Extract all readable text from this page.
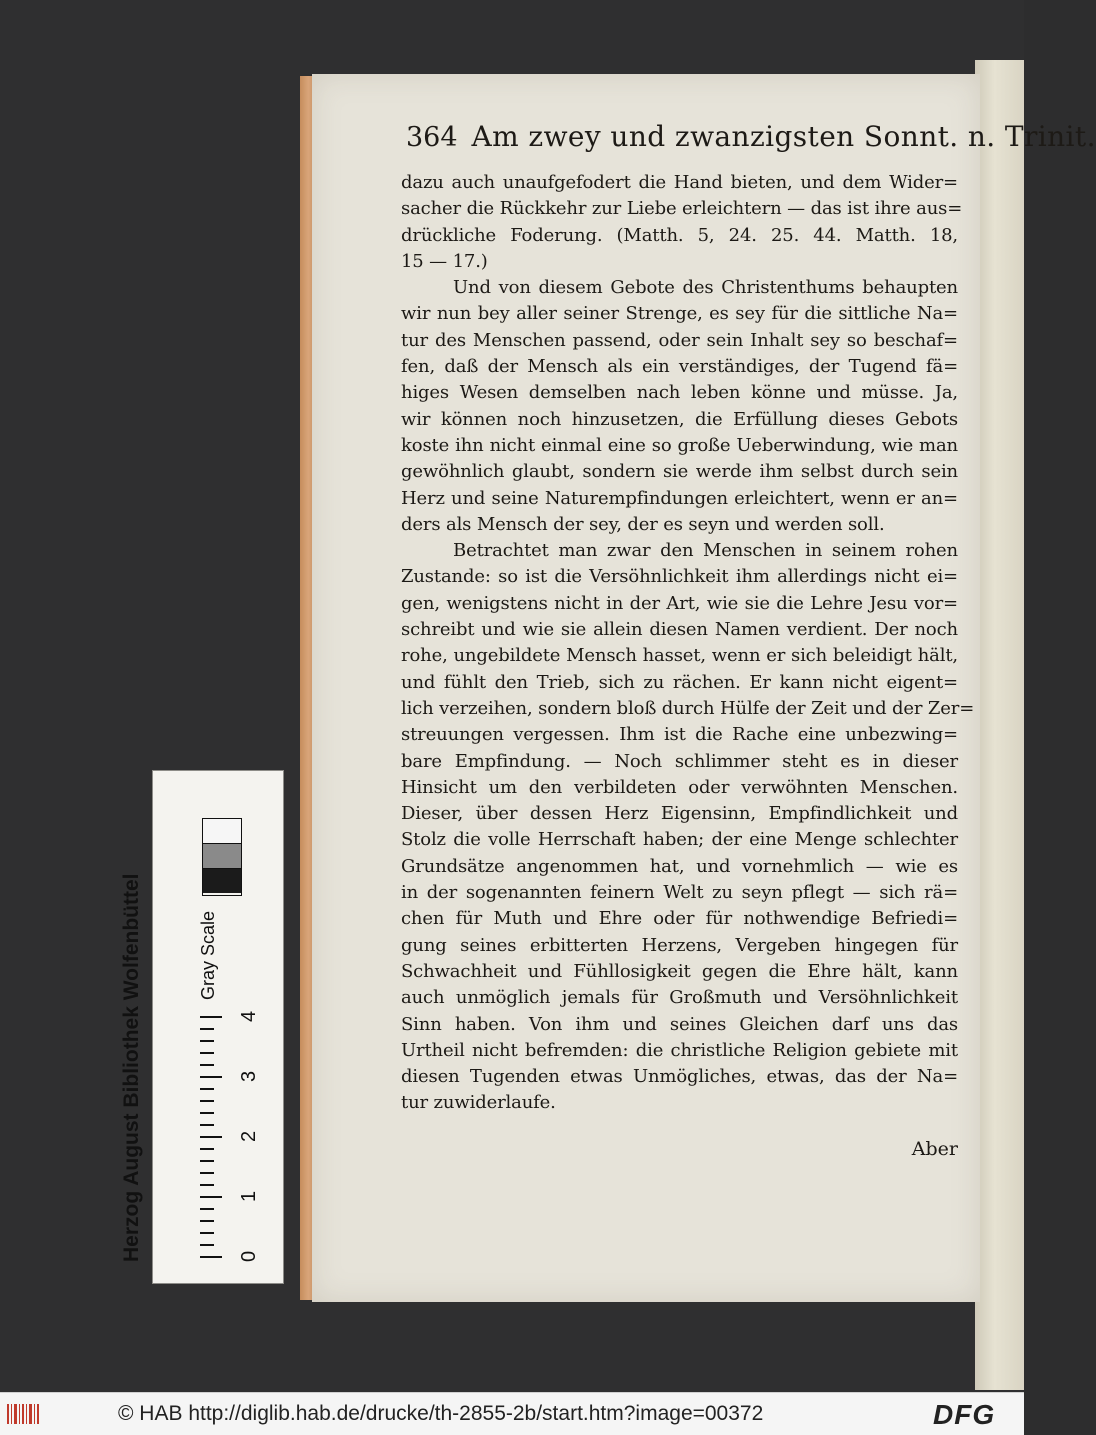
364 Am zwey und zwanzigsten Sonnt. n. Trinit.
dazu auch unaufgefodert die Hand bieten, und dem Wider=
sacher die Rückkehr zur Liebe erleichtern — das ist ihre aus=
drückliche Foderung. (Matth. 5, 24. 25. 44. Matth. 18,
15 — 17.)
Und von diesem Gebote des Christenthums behaupten
wir nun bey aller seiner Strenge, es sey für die sittliche Na=
tur des Menschen passend, oder sein Inhalt sey so beschaf=
fen, daß der Mensch als ein verständiges, der Tugend fä=
higes Wesen demselben nach leben könne und müsse. Ja,
wir können noch hinzusetzen, die Erfüllung dieses Gebots
koste ihn nicht einmal eine so große Ueberwindung, wie man
gewöhnlich glaubt, sondern sie werde ihm selbst durch sein
Herz und seine Naturempfindungen erleichtert, wenn er an=
ders als Mensch der sey, der es seyn und werden soll.
Betrachtet man zwar den Menschen in seinem rohen
Zustande: so ist die Versöhnlichkeit ihm allerdings nicht ei=
gen, wenigstens nicht in der Art, wie sie die Lehre Jesu vor=
schreibt und wie sie allein diesen Namen verdient. Der noch
rohe, ungebildete Mensch hasset, wenn er sich beleidigt hält,
und fühlt den Trieb, sich zu rächen. Er kann nicht eigent=
lich verzeihen, sondern bloß durch Hülfe der Zeit und der Zer=
streuungen vergessen. Ihm ist die Rache eine unbezwing=
bare Empfindung. — Noch schlimmer steht es in dieser
Hinsicht um den verbildeten oder verwöhnten Menschen.
Dieser, über dessen Herz Eigensinn, Empfindlichkeit und
Stolz die volle Herrschaft haben; der eine Menge schlechter
Grundsätze angenommen hat, und vornehmlich — wie es
in der sogenannten feinern Welt zu seyn pflegt — sich rä=
chen für Muth und Ehre oder für nothwendige Befriedi=
gung seines erbitterten Herzens, Vergeben hingegen für
Schwachheit und Fühllosigkeit gegen die Ehre hält, kann
auch unmöglich jemals für Großmuth und Versöhnlichkeit
Sinn haben. Von ihm und seines Gleichen darf uns das
Urtheil nicht befremden: die christliche Religion gebiete mit
diesen Tugenden etwas Unmögliches, etwas, das der Na=
tur zuwiderlaufe.
Aber
Herzog August Bibliothek Wolfenbüttel	Gray Scale
0
1
2
3
4
© HAB http://diglib.hab.de/drucke/th-2855-2b/start.htm?image=00372	DFG
